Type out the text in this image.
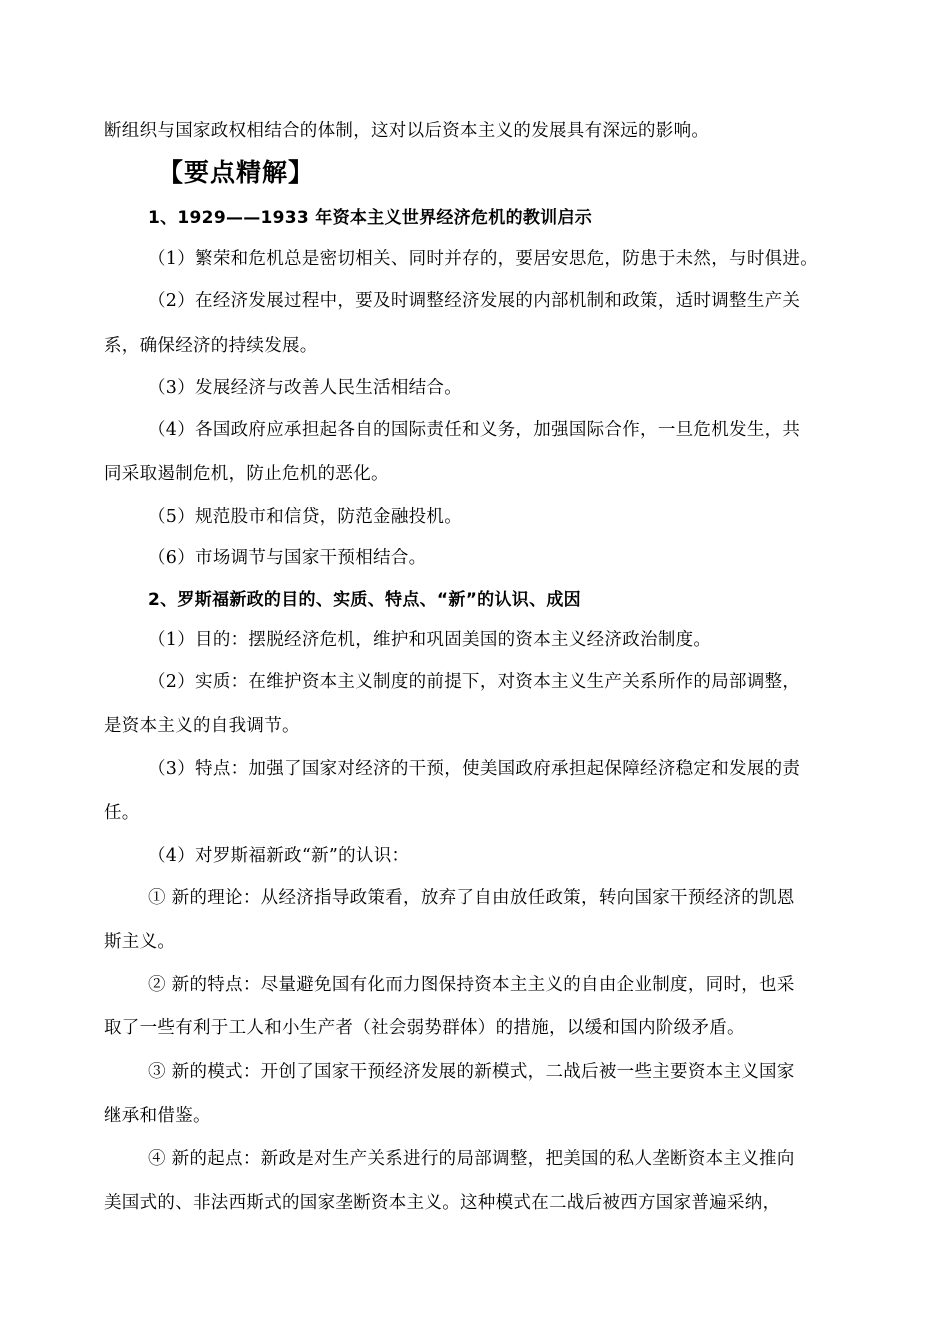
断组织与国家政权相结合的体制，这对以后资本主义的发展具有深远的影响。
【要点精解】
1、1929——1933 年资本主义世界经济危机的教训启示
（1）繁荣和危机总是密切相关、同时并存的，要居安思危，防患于未然，与时俱进。
（2）在经济发展过程中，要及时调整经济发展的内部机制和政策，适时调整生产关
系，确保经济的持续发展。
（3）发展经济与改善人民生活相结合。
（4）各国政府应承担起各自的国际责任和义务，加强国际合作，一旦危机发生，共
同采取遏制危机，防止危机的恶化。
（5）规范股市和信贷，防范金融投机。
（6）市场调节与国家干预相结合。
2、罗斯福新政的目的、实质、特点、“新”的认识、成因
（1）目的：摆脱经济危机，维护和巩固美国的资本主义经济政治制度。
（2）实质：在维护资本主义制度的前提下，对资本主义生产关系所作的局部调整，
是资本主义的自我调节。
（3）特点：加强了国家对经济的干预，使美国政府承担起保障经济稳定和发展的责
任。
（4）对罗斯福新政“新”的认识：
① 新的理论：从经济指导政策看，放弃了自由放任政策，转向国家干预经济的凯恩
斯主义。
② 新的特点：尽量避免国有化而力图保持资本主主义的自由企业制度，同时，也采
取了一些有利于工人和小生产者（社会弱势群体）的措施，以缓和国内阶级矛盾。
③ 新的模式：开创了国家干预经济发展的新模式，二战后被一些主要资本主义国家
继承和借鉴。
④ 新的起点：新政是对生产关系进行的局部调整，把美国的私人垄断资本主义推向
美国式的、非法西斯式的国家垄断资本主义。这种模式在二战后被西方国家普遍采纳，
